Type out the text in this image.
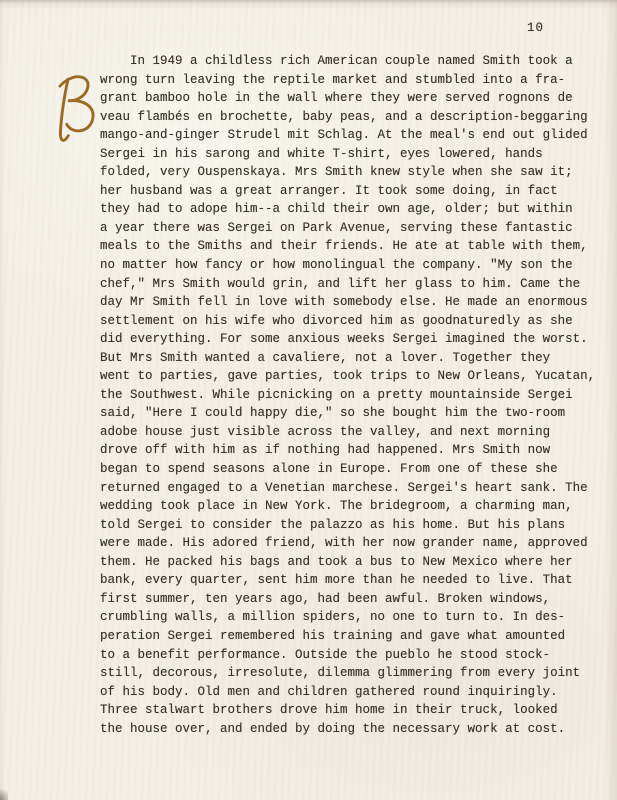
10
In 1949 a childless rich American couple named Smith took a
wrong turn leaving the reptile market and stumbled into a fra-
grant bamboo hole in the wall where they were served rognons de
veau flambés en brochette, baby peas, and a description-beggaring
mango-and-ginger Strudel mit Schlag. At the meal's end out glided
Sergei in his sarong and white T-shirt, eyes lowered, hands
folded, very Ouspenskaya. Mrs Smith knew style when she saw it;
her husband was a great arranger. It took some doing, in fact
they had to adope him--a child their own age, older; but within
a year there was Sergei on Park Avenue, serving these fantastic
meals to the Smiths and their friends. He ate at table with them,
no matter how fancy or how monolingual the company. "My son the
chef," Mrs Smith would grin, and lift her glass to him. Came the
day Mr Smith fell in love with somebody else. He made an enormous
settlement on his wife who divorced him as goodnaturedly as she
did everything. For some anxious weeks Sergei imagined the worst.
But Mrs Smith wanted a cavaliere, not a lover. Together they
went to parties, gave parties, took trips to New Orleans, Yucatan,
the Southwest. While picnicking on a pretty mountainside Sergei
said, "Here I could happy die," so she bought him the two-room
adobe house just visible across the valley, and next morning
drove off with him as if nothing had happened. Mrs Smith now
began to spend seasons alone in Europe. From one of these she
returned engaged to a Venetian marchese. Sergei's heart sank. The
wedding took place in New York. The bridegroom, a charming man,
told Sergei to consider the palazzo as his home. But his plans
were made. His adored friend, with her now grander name, approved
them. He packed his bags and took a bus to New Mexico where her
bank, every quarter, sent him more than he needed to live. That
first summer, ten years ago, had been awful. Broken windows,
crumbling walls, a million spiders, no one to turn to. In des-
peration Sergei remembered his training and gave what amounted
to a benefit performance. Outside the pueblo he stood stock-
still, decorous, irresolute, dilemma glimmering from every joint
of his body. Old men and children gathered round inquiringly.
Three stalwart brothers drove him home in their truck, looked
the house over, and ended by doing the necessary work at cost.
